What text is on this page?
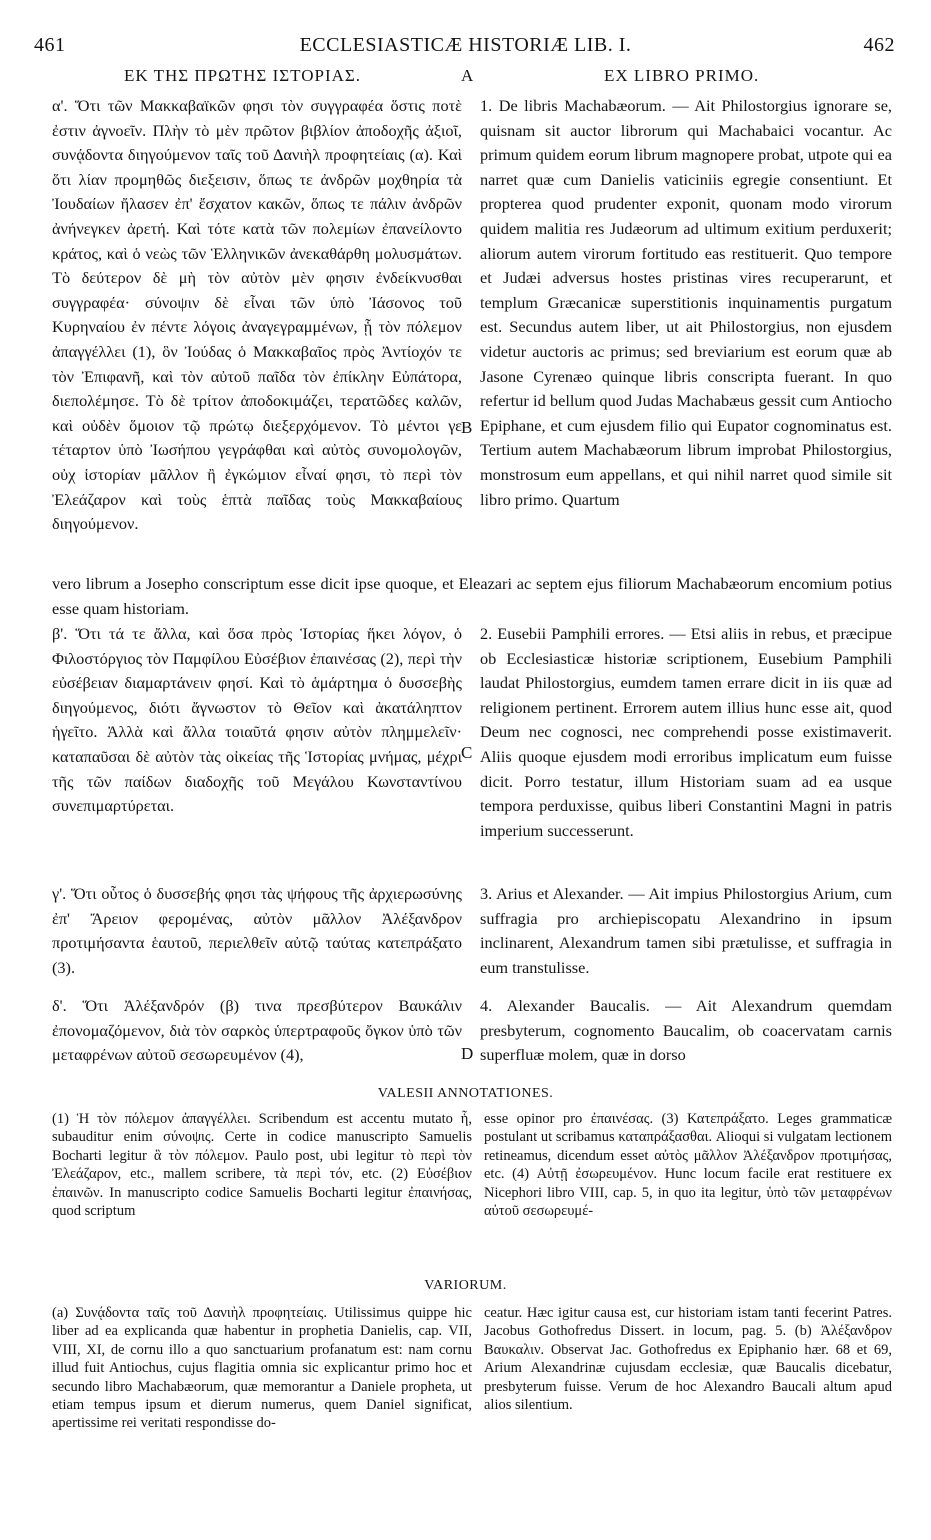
461	ECCLESIASTICÆ HISTORIÆ LIB. I.	462
ΕΚ ΤΗΣ ΠΡΩΤΗΣ ΙΣΤΟΡΙΑΣ.	A	EX LIBRO PRIMO.
α'. Ὅτι τῶν Μακκαβαϊκῶν φησι τὸν συγγραφέα ὅστις ποτὲ ἐστιν ἀγνοεῖν. Πλὴν τὸ μὲν πρῶτον βιβλίον ἀποδοχῆς ἀξιοῖ, συνᾴδοντα διηγούμενον ταῖς τοῦ Δανιὴλ προφητείαις (α). Καὶ ὅτι λίαν προμηθῶς διεξεισιν, ὅπως τε ἀνδρῶν μοχθηρία τὰ Ἰουδαίων ἤλασεν ἐπ' ἔσχατον κακῶν, ὅπως τε πάλιν ἀνδρῶν ἀνήνεγκεν ἀρετή. Καὶ τότε κατὰ τῶν πολεμίων ἐπανείλοντο κράτος, καὶ ὁ νεὼς τῶν Ἑλληνικῶν ἀνεκαθάρθη μολυσμάτων. Τὸ δεύτερον δὲ μὴ τὸν αὐτὸν μὲν φησιν ἐνδείκνυσθαι συγγραφέα· σύνοψιν δὲ εἶναι τῶν ὑπὸ Ἰάσονος τοῦ Κυρηναίου ἐν πέντε λόγοις ἀναγεγραμμένων, ᾗ τὸν πόλεμον ἀπαγγέλλει (1), ὃν Ἰούδας ὁ Μακκαβαῖος πρὸς Ἀντίοχόν τε τὸν Ἐπιφανῆ, καὶ τὸν αὐτοῦ παῖδα τὸν ἐπίκλην Εὐπάτορα, διεπολέμησε. Τὸ δὲ τρίτον ἀποδοκιμάζει, τερατῶδες καλῶν, καὶ οὐδὲν ὅμοιον τῷ πρώτῳ διεξερχόμενον. Τὸ μέντοι γε τέταρτον ὑπὸ Ἰωσήπου γεγράφθαι καὶ αὐτὸς συνομολογῶν, οὐχ ἱστορίαν μᾶλλον ἢ ἐγκώμιον εἶναί φησι, τὸ περὶ τὸν Ἐλεάζαρον καὶ τοὺς ἑπτὰ παῖδας τοὺς Μακκαβαίους διηγούμενον.
B
1. De libris Machabæorum. — Ait Philostorgius ignorare se, quisnam sit auctor librorum qui Machabaici vocantur. Ac primum quidem eorum librum magnopere probat, utpote qui ea narret quæ cum Danielis vaticiniis egregie consentiunt. Et propterea quod prudenter exponit, quonam modo virorum quidem malitia res Judæorum ad ultimum exitium perduxerit; aliorum autem virorum fortitudo eas restituerit. Quo tempore et Judæi adversus hostes pristinas vires recuperarunt, et templum Græcanicæ superstitionis inquinamentis purgatum est. Secundus autem liber, ut ait Philostorgius, non ejusdem videtur auctoris ac primus; sed breviarium est eorum quæ ab Jasone Cyrenæo quinque libris conscripta fuerant. In quo refertur id bellum quod Judas Machabæus gessit cum Antiocho Epiphane, et cum ejusdem filio qui Eupator cognominatus est. Tertium autem Machabæorum librum improbat Philostorgius, monstrosum eum appellans, et qui nihil narret quod simile sit libro primo. Quartum
vero librum a Josepho conscriptum esse dicit ipse quoque, et Eleazari ac septem ejus filiorum Machabæorum encomium potius esse quam historiam.
β'. Ὅτι τά τε ἄλλα, καὶ ὅσα πρὸς Ἱστορίας ἥκει λόγον, ὁ Φιλοστόργιος τὸν Παμφίλου Εὐσέβιον ἐπαινέσας (2), περὶ τὴν εὐσέβειαν διαμαρτάνειν φησί. Καὶ τὸ ἁμάρτημα ὁ δυσσεβὴς διηγούμενος, διότι ἄγνωστον τὸ Θεῖον καὶ ἀκατάληπτον ἡγεῖτο. Ἀλλὰ καὶ ἄλλα τοιαῦτά φησιν αὐτὸν πλημμελεῖν· καταπαῦσαι δὲ αὐτὸν τὰς οἰκείας τῆς Ἱστορίας μνήμας, μέχρι τῆς τῶν παίδων διαδοχῆς τοῦ Μεγάλου Κωνσταντίνου συνεπιμαρτύρεται.
C
2. Eusebii Pamphili errores. — Etsi aliis in rebus, et præcipue ob Ecclesiasticæ historiæ scriptionem, Eusebium Pamphili laudat Philostorgius, eumdem tamen errare dicit in iis quæ ad religionem pertinent. Errorem autem illius hunc esse ait, quod Deum nec cognosci, nec comprehendi posse existimaverit. Aliis quoque ejusdem modi erroribus implicatum eum fuisse dicit. Porro testatur, illum Historiam suam ad ea usque tempora perduxisse, quibus liberi Constantini Magni in patris imperium successerunt.
γ'. Ὅτι οὗτος ὁ δυσσεβής φησι τὰς ψήφους τῆς ἀρχιερωσύνης ἐπ' Ἄρειον φερομένας, αὐτὸν μᾶλλον Ἀλέξανδρον προτιμήσαντα ἑαυτοῦ, περιελθεῖν αὐτῷ ταύτας κατεπράξατο (3).
3. Arius et Alexander. — Ait impius Philostorgius Arium, cum suffragia pro archiepiscopatu Alexandrino in ipsum inclinarent, Alexandrum tamen sibi prætulisse, et suffragia in eum transtulisse.
δ'. Ὅτι Ἀλέξανδρόν (β) τινα πρεσβύτερον Βαυκάλιν ἐπονομαζόμενον, διὰ τὸν σαρκὸς ὑπερτραφοῦς ὄγκον ὑπὸ τῶν μεταφρένων αὐτοῦ σεσωρευμένον (4),	D
4. Alexander Baucalis. — Ait Alexandrum quemdam presbyterum, cognomento Baucalim, ob coacervatam carnis superfluæ molem, quæ in dorso
VALESII ANNOTATIONES.
(1) Ἡ τὸν πόλεμον ἀπαγγέλλει. Scribendum est accentu mutato ἧ, subauditur enim σύνοψις. Certe in codice manuscripto Samuelis Bocharti legitur ἃ τὸν πόλεμον. Paulo post, ubi legitur τὸ περὶ τὸν Ἐλεάζαρον, etc., mallem scribere, τὰ περὶ τόν, etc. (2) Εὐσέβιον ἐπαινῶν. In manuscripto codice Samuelis Bocharti legitur ἐπαινήσας, quod scriptum
esse opinor pro ἐπαινέσας. (3) Κατεπράξατο. Leges grammaticæ postulant ut scribamus καταπράξασθαι. Alioqui si vulgatam lectionem retineamus, dicendum esset αὐτὸς μᾶλλον Ἀλέξανδρον προτιμήσας, etc. (4) Αὐτῇ ἐσωρευμένον. Hunc locum facile erat restituere ex Nicephori libro VIII, cap. 5, in quo ita legitur, ὑπὸ τῶν μεταφρένων αὐτοῦ σεσωρευμέ-
VARIORUM.
(a) Συνᾴδοντα ταῖς τοῦ Δανιὴλ προφητείαις. Utilissimus quippe hic liber ad ea explicanda quæ habentur in prophetia Danielis, cap. VII, VIII, XI, de cornu illo a quo sanctuarium profanatum est: nam cornu illud fuit Antiochus, cujus flagitia omnia sic explicantur primo hoc et secundo libro Machabæorum, quæ memorantur a Daniele propheta, ut etiam tempus ipsum et dierum numerus, quem Daniel significat, apertissime rei veritati respondisse do-
ceatur. Hæc igitur causa est, cur historiam istam tanti fecerint Patres. Jacobus Gothofredus Dissert. in locum, pag. 5. (b) Ἀλέξανδρον Βαυκαλιν. Observat Jac. Gothofredus ex Epiphanio hær. 68 et 69, Arium Alexandrinæ cujusdam ecclesiæ, quæ Baucalis dicebatur, presbyterum fuisse. Verum de hoc Alexandro Baucali altum apud alios silentium.
